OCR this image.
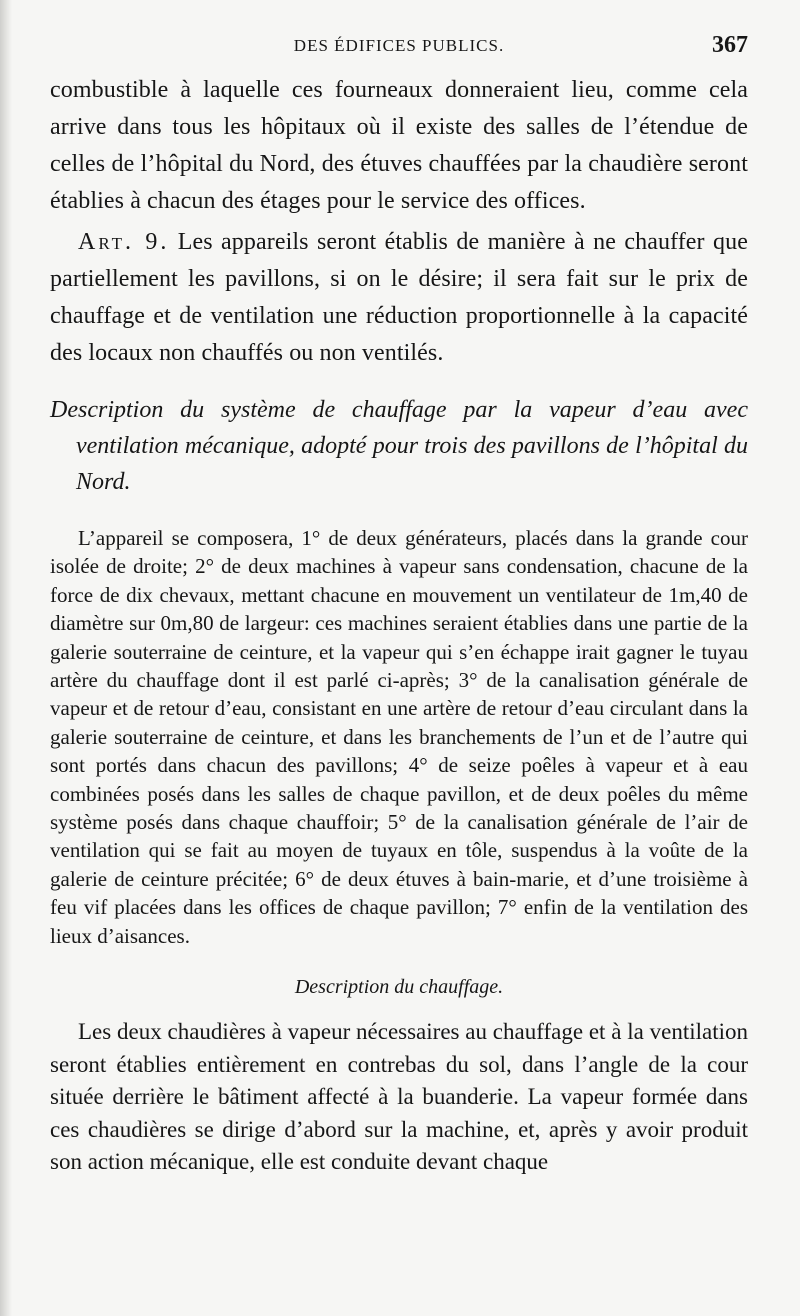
DES ÉDIFICES PUBLICS.	367

combustible à laquelle ces fourneaux donneraient lieu, comme cela arrive dans tous les hôpitaux où il existe des salles de l’étendue de celles de l’hôpital du Nord, des étuves chauffées par la chaudière seront établies à chacun des étages pour le service des offices.

Art. 9. Les appareils seront établis de manière à ne chauffer que partiellement les pavillons, si on le désire; il sera fait sur le prix de chauffage et de ventilation une réduction proportionnelle à la capacité des locaux non chauffés ou non ventilés.

Description du système de chauffage par la vapeur d’eau avec ventilation mécanique, adopté pour trois des pavillons de l’hôpital du Nord.

L’appareil se composera, 1° de deux générateurs, placés dans la grande cour isolée de droite; 2° de deux machines à vapeur sans condensation, chacune de la force de dix chevaux, mettant chacune en mouvement un ventilateur de 1m,40 de diamètre sur 0m,80 de largeur: ces machines seraient établies dans une partie de la galerie souterraine de ceinture, et la vapeur qui s’en échappe irait gagner le tuyau artère du chauffage dont il est parlé ci-après; 3° de la canalisation générale de vapeur et de retour d’eau, consistant en une artère de retour d’eau circulant dans la galerie souterraine de ceinture, et dans les branchements de l’un et de l’autre qui sont portés dans chacun des pavillons; 4° de seize poêles à vapeur et à eau combinées posés dans les salles de chaque pavillon, et de deux poêles du même système posés dans chaque chauffoir; 5° de la canalisation générale de l’air de ventilation qui se fait au moyen de tuyaux en tôle, suspendus à la voûte de la galerie de ceinture précitée; 6° de deux étuves à bain-marie, et d’une troisième à feu vif placées dans les offices de chaque pavillon; 7° enfin de la ventilation des lieux d’aisances.

Description du chauffage.

Les deux chaudières à vapeur nécessaires au chauffage et à la ventilation seront établies entièrement en contrebas du sol, dans l’angle de la cour située derrière le bâtiment affecté à la buanderie. La vapeur formée dans ces chaudières se dirige d’abord sur la machine, et, après y avoir produit son action mécanique, elle est conduite devant chaque
